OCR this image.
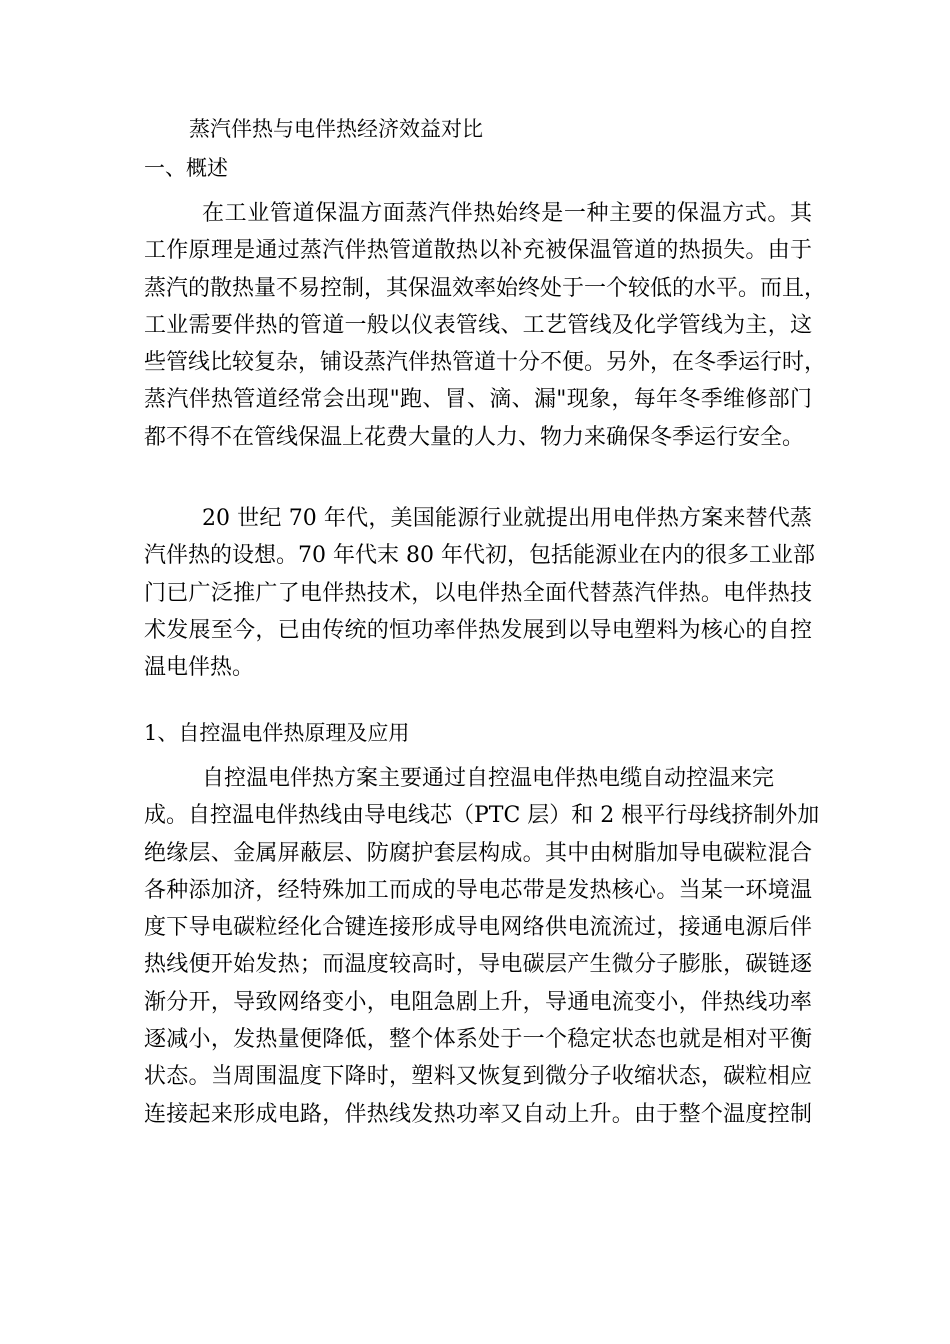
蒸汽伴热与电伴热经济效益对比
一、概述
在工业管道保温方面蒸汽伴热始终是一种主要的保温方式。其
工作原理是通过蒸汽伴热管道散热以补充被保温管道的热损失。由于
蒸汽的散热量不易控制，其保温效率始终处于一个较低的水平。而且，
工业需要伴热的管道一般以仪表管线、工艺管线及化学管线为主，这
些管线比较复杂，铺设蒸汽伴热管道十分不便。另外，在冬季运行时，
蒸汽伴热管道经常会出现"跑、冒、滴、漏"现象，每年冬季维修部门
都不得不在管线保温上花费大量的人力、物力来确保冬季运行安全。
20 世纪 70 年代，美国能源行业就提出用电伴热方案来替代蒸
汽伴热的设想。70 年代末 80 年代初，包括能源业在内的很多工业部
门已广泛推广了电伴热技术，以电伴热全面代替蒸汽伴热。电伴热技
术发展至今，已由传统的恒功率伴热发展到以导电塑料为核心的自控
温电伴热。
1、自控温电伴热原理及应用
自控温电伴热方案主要通过自控温电伴热电缆自动控温来完
成。自控温电伴热线由导电线芯（PTC 层）和 2 根平行母线挤制外加
绝缘层、金属屏蔽层、防腐护套层构成。其中由树脂加导电碳粒混合
各种添加济，经特殊加工而成的导电芯带是发热核心。当某一环境温
度下导电碳粒经化合键连接形成导电网络供电流流过，接通电源后伴
热线便开始发热；而温度较高时，导电碳层产生微分子膨胀，碳链逐
渐分开，导致网络变小，电阻急剧上升，导通电流变小，伴热线功率
逐减小，发热量便降低，整个体系处于一个稳定状态也就是相对平衡
状态。当周围温度下降时，塑料又恢复到微分子收缩状态，碳粒相应
连接起来形成电路，伴热线发热功率又自动上升。由于整个温度控制
